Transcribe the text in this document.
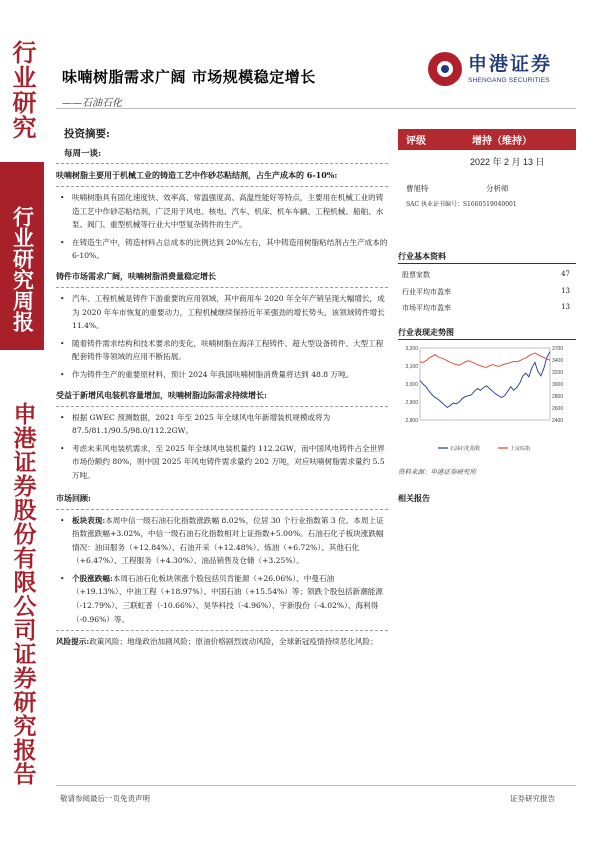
行业研究
行业研究周报
申港证券股份有限公司证券研究报告
味喃树脂需求广阔 市场规模稳定增长
——石油石化
申港证券
SHENGANG SECURITIES
投资摘要:
每周一谈:
呋喃树脂主要用于机械工业的铸造工艺中作砂芯粘结剂，占生产成本的 6-10%:
• 呋喃树脂具有固化速度快、效率高、常温强度高、高温性能好等特点，主要用在机械工业的铸造工艺中作砂芯粘结剂，广泛用于风电、核电、汽车、机床、机车车辆、工程机械、船舶、水泵、阀门、重型机械等行业大中型复杂铸件的生产。
• 在铸造生产中，铸造材料占总成本的比例达到 20%左右，其中铸造用树脂粘结剂占生产成本的 6-10%。
铸件市场需求广阔，呋喃树脂消费量稳定增长
• 汽车、工程机械是铸件下游重要的应用领域，其中商用车 2020 年全年产销呈现大幅增长，成为 2020 年车市恢复的重要动力，工程机械继续保持近年来强劲的增长势头，该领域铸件增长 11.4%。
• 随着铸件需求结构和技术要求的变化，呋喃树脂在海洋工程铸件、超大型设备铸件、大型工程配套铸件等领域的应用不断拓展。
• 作为铸件生产的重要原材料，预计 2024 年我国呋喃树脂消费量将达到 48.8 万吨。
受益于新增风电装机容量增加，呋喃树脂边际需求持续增长:
• 根据 GWEC 预测数据，2021 年至 2025 年全球风电年新增装机规模或将为 87.5/81.1/90.5/98.0/112.2GW。
• 考虑未来风电装机需求，至 2025 年全球风电装机量约 112.2GW，而中国风电铸件占全世界市场份额约 80%，则中国 2025 年风电铸件需求量约 202 万吨，对应呋喃树脂需求量约 5.5 万吨。
市场回顾:
• 板块表现:本周中信一级石油石化指数涨跌幅 8.02%，位居 30 个行业指数第 3 位。本周上证指数涨跌幅+3.02%，中信一级石油石化指数相对上证指数+5.00%。石油石化子板块涨跌幅情况：油田服务（+12.84%）、石油开采（+12.48%）、炼油（+6.72%）、其他石化（+6.47%）、工程服务（+4.30%）、油品销售及仓储（+3.25%）。
• 个股涨跌幅:本周石油石化板块领涨个股包括贝肯能源（+26.06%）、中曼石油（+19.13%）、中油工程（+18.97%）、中国石油（+15.54%）等；领跌个股包括新潮能源（-12.79%）、三联虹普（-10.66%）、昊华科技（-4.96%）、宇新股份（-4.02%）、海利得（-0.96%）等。
风险提示:政策风险；地缘政治加剧风险；原油价格剧烈波动风险，全球新冠疫情持续恶化风险；
评级	增持（维持）
2022 年 2 月 13 日
曹旭特	分析师
SAC 执业证书编号：S1660519040001
行业基本资料
股票家数	47
行业平均市盈率	13
市场平均市盈率	13
行业表现走势图
3,200
3,100
3,000
2,900
2,800
3700
3400
3200
3000
2800
2600
2400
石油石化指数	上证综指
资料来源：申港证券研究所
相关报告
敬请参阅最后一页免责声明	证券研究报告
